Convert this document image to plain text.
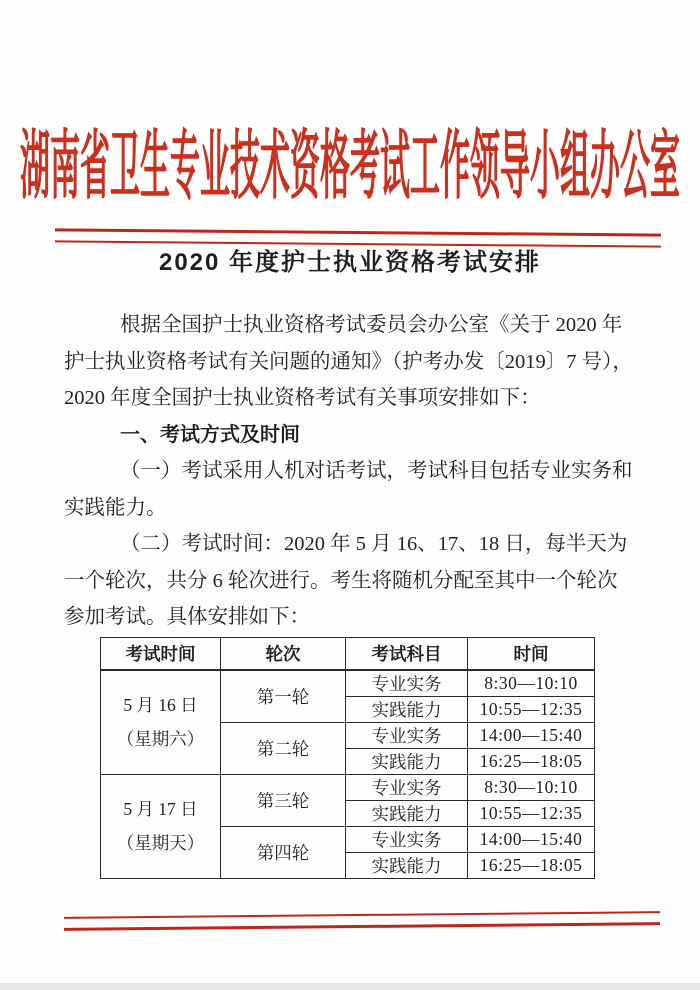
湖南省卫生专业技术资格考试工作领导小组办公室
2020 年度护士执业资格考试安排
根据全国护士执业资格考试委员会办公室《关于 2020 年
护士执业资格考试有关问题的通知》（护考办发〔2019〕7 号），
2020 年度全国护士执业资格考试有关事项安排如下：
一、考试方式及时间
（一）考试采用人机对话考试，考试科目包括专业实务和
实践能力。
（二）考试时间：2020 年 5 月 16、17、18 日，每半天为
一个轮次，共分 6 轮次进行。考生将随机分配至其中一个轮次
参加考试。具体安排如下：
考试时间	轮次	考试科目	时间

5 月 16 日
（星期六）	第一轮	专业实务	8:30—10:10
		实践能力	10:55—12:35
	第二轮	专业实务	14:00—15:40
		实践能力	16:25—18:05

5 月 17 日
（星期天）	第三轮	专业实务	8:30—10:10
		实践能力	10:55—12:35
	第四轮	专业实务	14:00—15:40
		实践能力	16:25—18:05
